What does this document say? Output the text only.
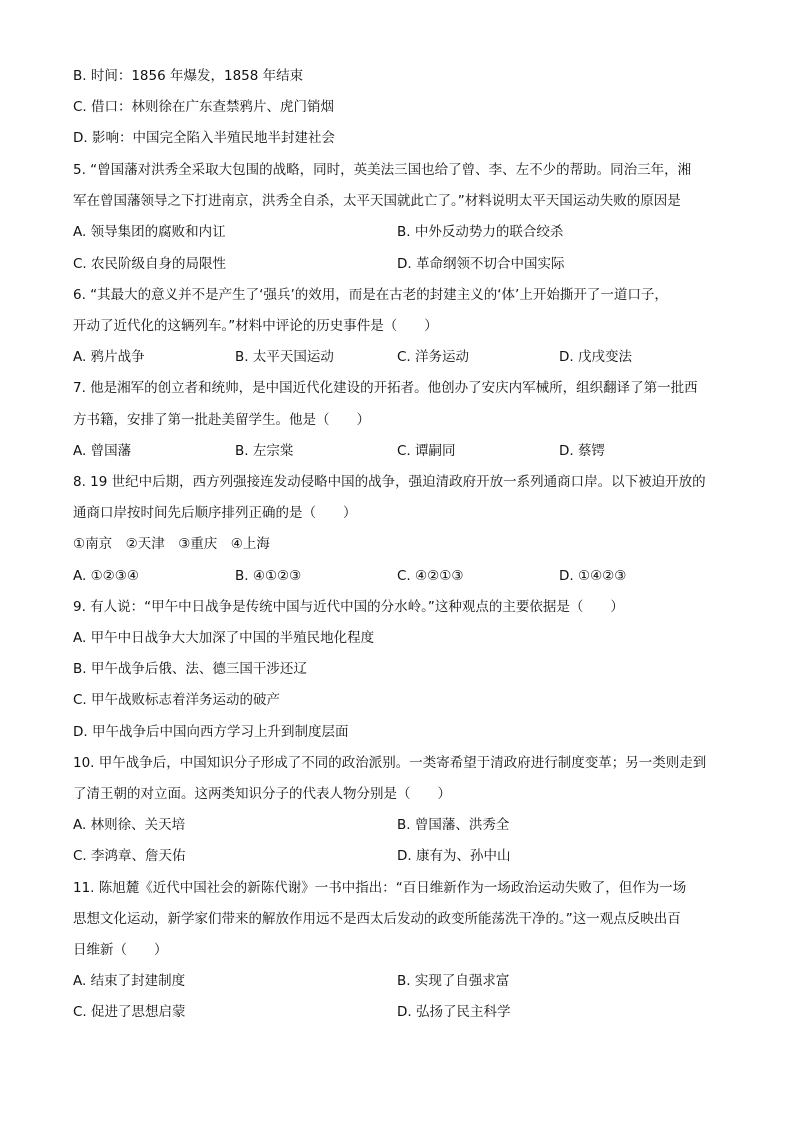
B. 时间：1856 年爆发，1858 年结束
C. 借口：林则徐在广东查禁鸦片、虎门销烟
D. 影响：中国完全陷入半殖民地半封建社会
5. “曾国藩对洪秀全采取大包围的战略，同时，英美法三国也给了曾、李、左不少的帮助。同治三年，湘
军在曾国藩领导之下打进南京，洪秀全自杀，太平天国就此亡了。”材料说明太平天国运动失败的原因是
A. 领导集团的腐败和内讧	B. 中外反动势力的联合绞杀
C. 农民阶级自身的局限性	D. 革命纲领不切合中国实际
6. “其最大的意义并不是产生了‘强兵’的效用，而是在古老的封建主义的‘体’上开始撕开了一道口子，
开动了近代化的这辆列车。”材料中评论的历史事件是（　　）
A. 鸦片战争	B. 太平天国运动	C. 洋务运动	D. 戊戌变法
7. 他是湘军的创立者和统帅，是中国近代化建设的开拓者。他创办了安庆内军械所，组织翻译了第一批西
方书籍，安排了第一批赴美留学生。他是（　　）
A. 曾国藩	B. 左宗棠	C. 谭嗣同	D. 蔡锷
8. 19 世纪中后期，西方列强接连发动侵略中国的战争，强迫清政府开放一系列通商口岸。以下被迫开放的
通商口岸按时间先后顺序排列正确的是（　　）
①南京　②天津　③重庆　④上海
A. ①②③④	B. ④①②③	C. ④②①③	D. ①④②③
9. 有人说：“甲午中日战争是传统中国与近代中国的分水岭。”这种观点的主要依据是（　　）
A. 甲午中日战争大大加深了中国的半殖民地化程度
B. 甲午战争后俄、法、德三国干涉还辽
C. 甲午战败标志着洋务运动的破产
D. 甲午战争后中国向西方学习上升到制度层面
10. 甲午战争后，中国知识分子形成了不同的政治派别。一类寄希望于清政府进行制度变革；另一类则走到
了清王朝的对立面。这两类知识分子的代表人物分别是（　　）
A. 林则徐、关天培	B. 曾国藩、洪秀全
C. 李鸿章、詹天佑	D. 康有为、孙中山
11. 陈旭麓《近代中国社会的新陈代谢》一书中指出：“百日维新作为一场政治运动失败了，但作为一场
思想文化运动，新学家们带来的解放作用远不是西太后发动的政变所能荡洗干净的。”这一观点反映出百
日维新（　　）
A. 结束了封建制度	B. 实现了自强求富
C. 促进了思想启蒙	D. 弘扬了民主科学
